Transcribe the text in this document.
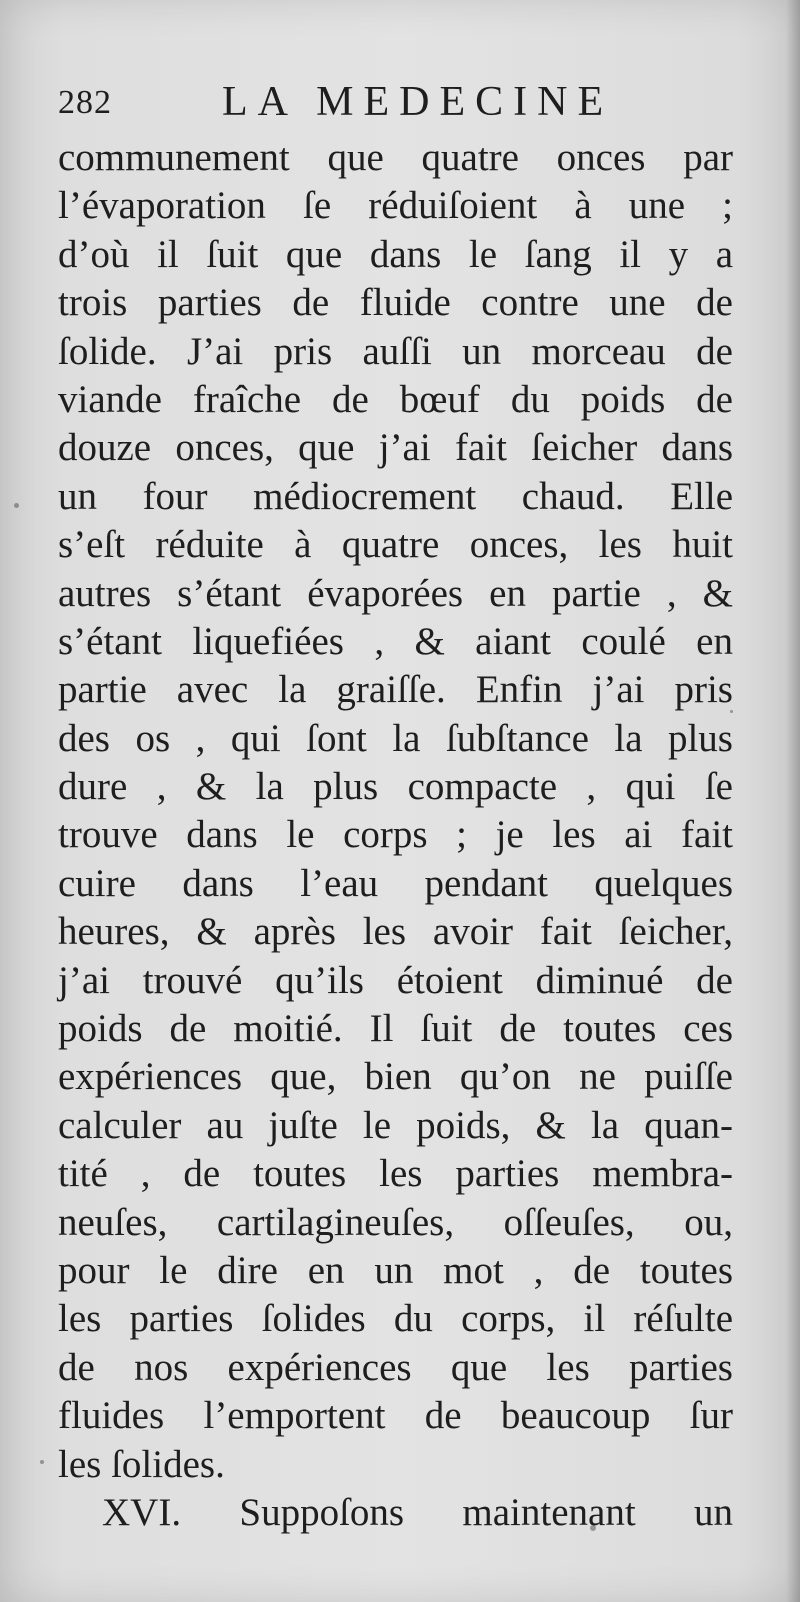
282	LA MEDECINE
communement que quatre onces par
l’évaporation ſe réduiſoient à une ;
d’où il ſuit que dans le ſang il y a
trois parties de fluide contre une de
ſolide. J’ai pris auſſi un morceau de
viande fraîche de bœuf du poids de
douze onces, que j’ai fait ſeicher dans
un four médiocrement chaud. Elle
s’eſt réduite à quatre onces, les huit
autres s’étant évaporées en partie , &
s’étant liquefiées , & aiant coulé en
partie avec la graiſſe. Enfin j’ai pris
des os , qui ſont la ſubſtance la plus
dure , & la plus compacte , qui ſe
trouve dans le corps ; je les ai fait
cuire dans l’eau pendant quelques
heures, & après les avoir fait ſeicher,
j’ai trouvé qu’ils étoient diminué de
poids de moitié. Il ſuit de toutes ces
expériences que, bien qu’on ne puiſſe
calculer au juſte le poids, & la quan-
tité , de toutes les parties membra-
neuſes, cartilagineuſes, oſſeuſes, ou,
pour le dire en un mot , de toutes
les parties ſolides du corps, il réſulte
de nos expériences que les parties
fluides l’emportent de beaucoup ſur
les ſolides.
XVI. Suppoſons maintenant un
